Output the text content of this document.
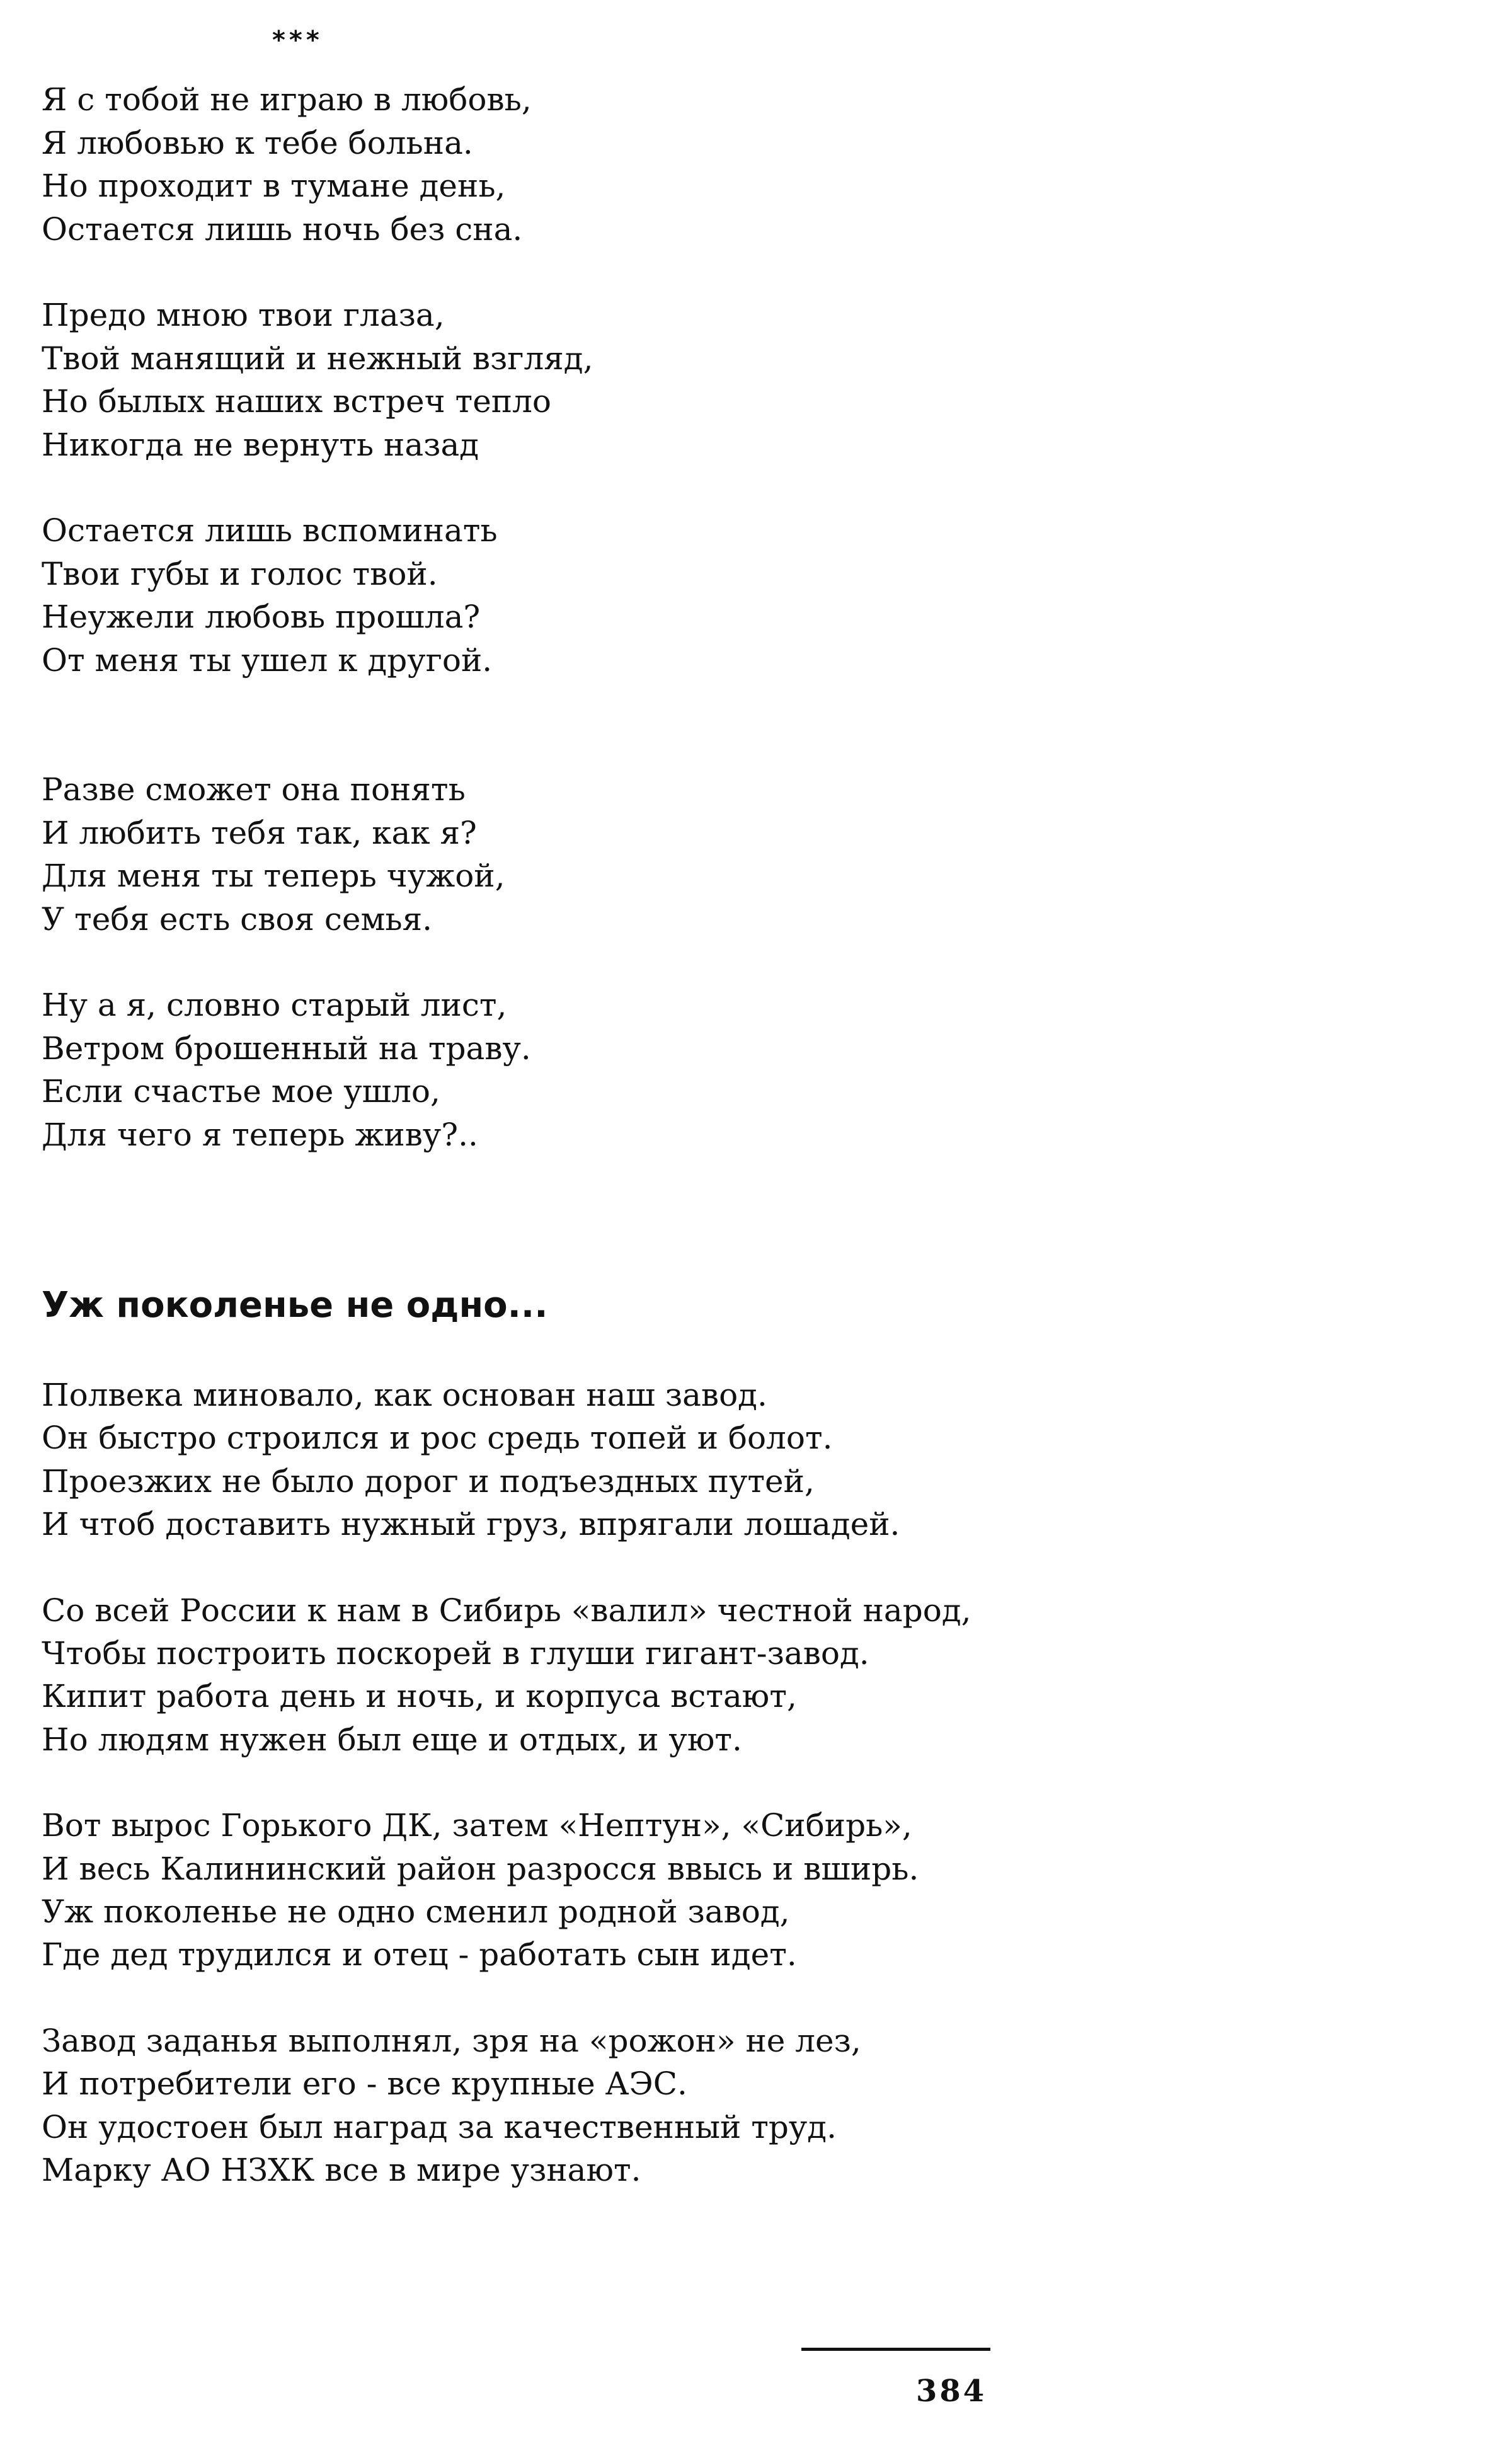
***
Я с тобой не играю в любовь,
Я любовью к тебе больна.
Но проходит в тумане день,
Остается лишь ночь без сна.
Предо мною твои глаза,
Твой манящий и нежный взгляд,
Но былых наших встреч тепло
Никогда не вернуть назад
Остается лишь вспоминать
Твои губы и голос твой.
Неужели любовь прошла?
От меня ты ушел к другой.
Разве сможет она понять
И любить тебя так, как я?
Для меня ты теперь чужой,
У тебя есть своя семья.
Ну а я, словно старый лист,
Ветром брошенный на траву.
Если счастье мое ушло,
Для чего я теперь живу?..
Уж поколенье не одно...
Полвека миновало, как основан наш завод.
Он быстро строился и рос средь топей и болот.
Проезжих не было дорог и подъездных путей,
И чтоб доставить нужный груз, впрягали лошадей.
Со всей России к нам в Сибирь «валил» честной народ,
Чтобы построить поскорей в глуши гигант-завод.
Кипит работа день и ночь, и корпуса встают,
Но людям нужен был еще и отдых, и уют.
Вот вырос Горького ДК, затем «Нептун», «Сибирь»,
И весь Калининский район разросся ввысь и вширь.
Уж поколенье не одно сменил родной завод,
Где дед трудился и отец - работать сын идет.
Завод заданья выполнял, зря на «рожон» не лез,
И потребители его - все крупные АЭС.
Он удостоен был наград за качественный труд.
Марку АО НЗХК все в мире узнают.
384
